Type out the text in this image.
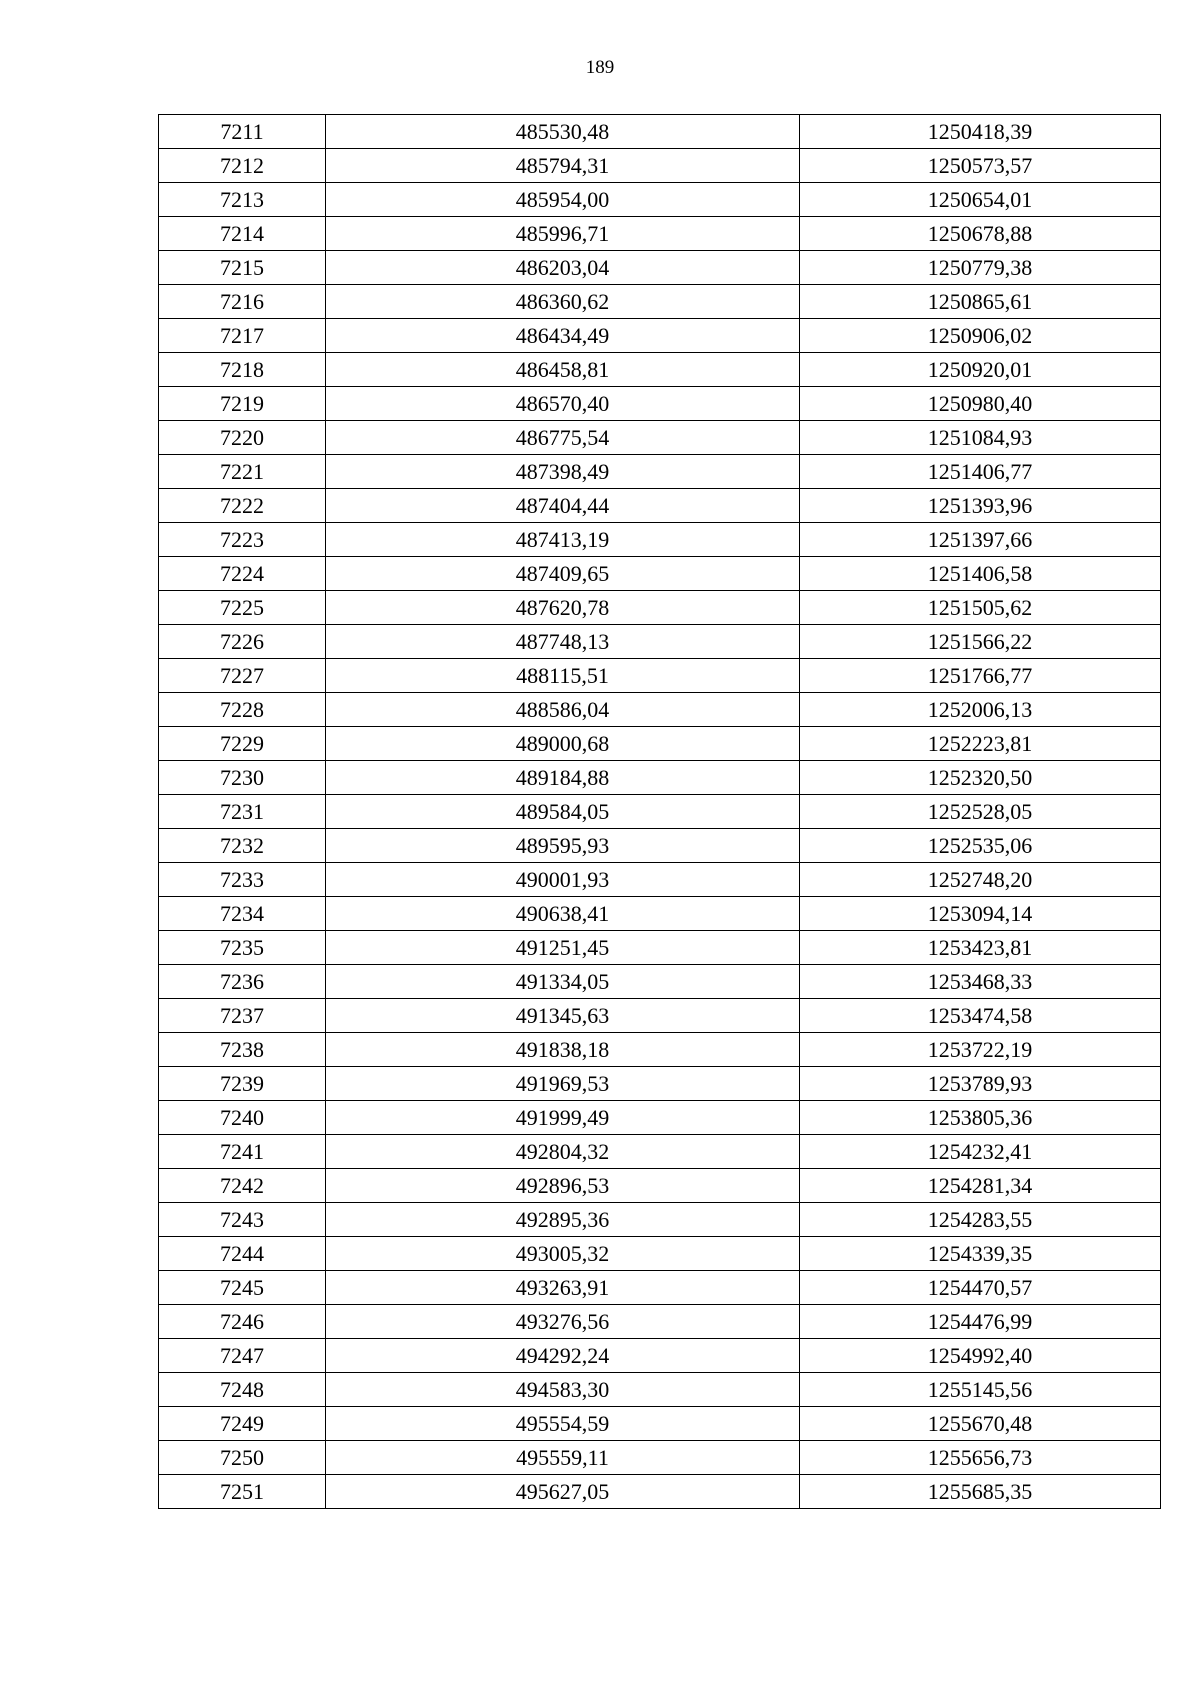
189
7211	485530,48	1250418,39
7212	485794,31	1250573,57
7213	485954,00	1250654,01
7214	485996,71	1250678,88
7215	486203,04	1250779,38
7216	486360,62	1250865,61
7217	486434,49	1250906,02
7218	486458,81	1250920,01
7219	486570,40	1250980,40
7220	486775,54	1251084,93
7221	487398,49	1251406,77
7222	487404,44	1251393,96
7223	487413,19	1251397,66
7224	487409,65	1251406,58
7225	487620,78	1251505,62
7226	487748,13	1251566,22
7227	488115,51	1251766,77
7228	488586,04	1252006,13
7229	489000,68	1252223,81
7230	489184,88	1252320,50
7231	489584,05	1252528,05
7232	489595,93	1252535,06
7233	490001,93	1252748,20
7234	490638,41	1253094,14
7235	491251,45	1253423,81
7236	491334,05	1253468,33
7237	491345,63	1253474,58
7238	491838,18	1253722,19
7239	491969,53	1253789,93
7240	491999,49	1253805,36
7241	492804,32	1254232,41
7242	492896,53	1254281,34
7243	492895,36	1254283,55
7244	493005,32	1254339,35
7245	493263,91	1254470,57
7246	493276,56	1254476,99
7247	494292,24	1254992,40
7248	494583,30	1255145,56
7249	495554,59	1255670,48
7250	495559,11	1255656,73
7251	495627,05	1255685,35
